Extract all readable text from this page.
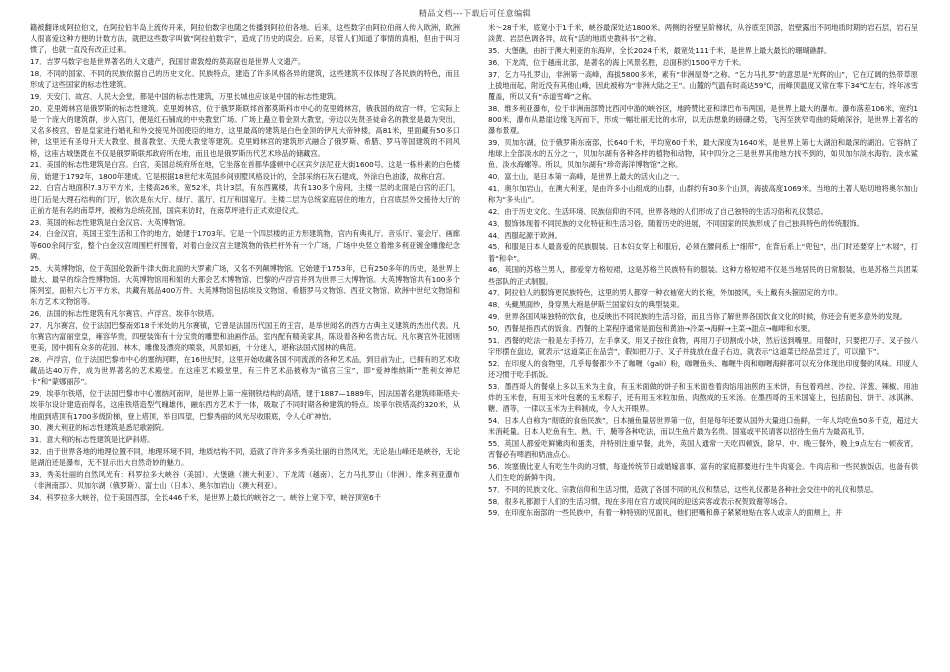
精品文档---下载后可任意编辑

籍被翻译成阿拉伯文，在阿拉伯半岛上流传开来，阿拉伯数字也随之传播到阿拉伯各地。后来，这些数字由阿拉伯商人传入欧洲，欧洲人很喜爱这种方便的计数方法，就把这些数字叫做“阿拉伯数字”，造成了历史的误会。后来，尽管人们知道了事情的真相，但由于叫习惯了，也就一直没有改正过来。

17．吉罗马数字也是世界著名的人文遗产，我国甘肃敦煌的莫高窟也是世界人文遗产。

18．不同的国家、不同的民族依据自己的历史文化、民族特点，建造了许多风格各异的建筑，这些建筑不仅体现了各民族的特色，而且形成了这些国家的标志性建筑。

19．天安门、故宫、人民大会堂，都是中国的标志性建筑，万里长城也应该是中国的标志性建筑。

20．克里姆林宫是俄罗斯的标志性建筑。克里姆林宫，位于俄罗斯联邦首都莫斯科市中心的克里姆林宫，俄我国的故宫一样，它实际上是一个庞大的建筑群，步入宫门，便是红石铺成的中央教堂广场。广场上矗立着金顶大教堂，旁边以先贤圣徒命名的教堂是最为突出，又名多棱宫，曾是皇家进行婚礼和外交接见外国使臣的地方，这里最高的建筑是白色金顶的伊凡大帝钟楼，高81米，里面藏有50多口钟，这里还有圣母升天大教堂、报喜教堂、天使大教堂等建筑。克里姆林宫的建筑形式融合了俄罗斯、希腊、罗马等国建筑的不同风格，这座古城堡既在不仅是俄罗斯联邦政府所在地，而且也是俄罗斯历代艺术珍品的储藏宫。

21．美国的标志性建筑是白宫。白宫，美国总统府所在地，它坐落在首都华盛顿中心区宾夕法尼亚大街1600号。这是一栋朴素的白色楼房，始建于1792年，1800年建成。它是根据18世纪末英国乡间别墅风格设计的，全部采纳石灰石建成，外涂白色油漆，故称白宫。

22．白宫占地面积7.3万平方米，主楼高26米，宽52米，共计3层，有东西翼楼，共有130多个房间，主楼一层的北面是白宫的正门，进门后是大理石结构的门厅，依次是东大厅、绿厅、蓝厅、红厅和国宴厅。主楼二层为总统家庭居住的地方，白宫底层外交接待大厅的正前方是有名的南草坪，被称为总统花园，国宾来访时，在南草坪进行正式欢迎仪式。

23．英国的标志性建筑是白金汉宫、大英博物馆。

24．白金汉宫，英国王室生活和工作的地方，始建于1703年。它是一个四层楼的正方形建筑物，宫内有典礼厅、音乐厅、宴会厅、画廊等600余间厅室，整个白金汉宫周围栏杆围着，对着白金汉宫主建筑物的铁栏杆外有一个广场，广场中央竖立着维多利亚镀金雕像纪念碑。

25．大英博物馆，位于英国伦敦新牛津大街北面的大罗素广场，又名不列颠博物馆。它始建于1753年，已有250多年的历史，是世界上最大、最早的综合性博物馆。大英博物馆用和姐的大都会艺术博物馆、巴黎的卢浮宫并列为世界三大博物馆。大英博物馆共有100多个陈列室，面积六七万平方米，共藏有展品400万件。大英博物馆包括埃及文物馆、希腊罗马文物馆、西亚文物馆、欧洲中世纪文物馆和东方艺术文物馆等。

26．法国的标志性建筑有凡尔赛宫、卢浮宫、埃菲尔铁塔。

27．凡尔赛宫，位于法国巴黎南郊18千米处的凡尔赛镇，它曾是法国历代国王的王宫，是举世闻名的西方古典主义建筑的杰出代表。凡尔赛宫内富丽堂皇，雍容华贵，四壁装饰有十分宝贵的雕塑和油画作品，室内配有精美家具，陈设着各种名贵古玩。凡尔赛宫外花园则更美，园中拥有众多的花园、林木、雕像及漂亮的喷泉，风景如画，十分迷人，堪称法国式园林的典范。

28．卢浮宫，位于法国巴黎市中心的塞纳河畔，在16世纪时，这里开始收藏各国不同流派的各种艺术品，到目前为止，已拥有的艺术收藏品达40万件，成为世界著名的艺术殿堂。在这座艺术殿堂里，有三件艺术品被称为“镇宫三宝”，即“爱神维纳斯”“胜利女神尼卡”和“蒙娜丽莎”。

29．埃菲尔铁塔，位于法国巴黎市中心塞纳河南岸，是世界上第一座钢铁结构的高塔，建于1887—1889年，因法国著名建筑师斯塔夫·埃菲尔设计建造而得名，这座铁塔造型气魄雄伟，融东西方艺术于一体，吸取了不同时期各种建筑的特点。埃菲尔铁塔高约320米，从地面到塔顶有1700多级阶梯，登上塔顶，举目四望，巴黎秀丽的风光尽收眼底，令人心旷神怡。

30．澳大利亚的标志性建筑是悉尼歌剧院。

31．意大利的标志性建筑是比萨斜塔。

32．由于世界各地的地理位置不同，地理环境不同，地质结构不同，造就了许许多多秀美壮丽的自然风光，无论是山峰还是峡谷，无论是湖泊还是瀑布，无不显示出大自然奇妙的魅力。

33．秀美壮丽的自然风光有：科罗拉多大峡谷（美国）、大堡礁（澳大利亚）、下龙湾（越南）、乞力马扎罗山（非洲）、维多利亚瀑布（非洲南部）、贝加尔湖（俄罗斯）、富士山（日本）、奥尔加岩山（澳大利亚）。

34．科罗拉多大峡谷，位于美国西部，全长446千米，是世界上最长的峡谷之一。峡谷上宽下窄，峡谷顶宽6千

米～28千米，底宽小于1千米，峡谷最深处达1800米。两侧的谷壁呈阶梯状，从谷底至顶部，岩壁露出不同地质时期的岩石层，岩石呈淡黄、岩层色调各异，故有“活的地质史教科书”之称。

35．大堡礁，由折于澳大利亚的东海岸，全长2024千米，最宽处111千米，是世界上最大最长的珊瑚礁群。

36．下龙湾，位于越南北部，是著名的海上风景名胜，总面积约1500平方千米。

37．乞力马扎罗山，非洲第一高峰，海拔5800多米，素有“非洲屋脊”之称。“乞力马扎罗”的意思是“光辉的山”，它在辽阔的热带草原上拔地而起，附近没有其他山峰，因此被称为“非洲大陆之王”。山麓的气温有时高达59℃，而峰顶温度又常在零下34℃左右，终年冰雪覆盖，所以又有“赤道雪峰”之称。

38．维多利亚瀑布，位于非洲南部赞比西河中游的峡谷区，地跨赞比亚和津巴布韦两国，是世界上最大的瀑布。瀑布落差106米，宽约1800米，瀑布从悬崖边缘飞泻而下，形成一幅壮丽无比的水帘，以无法想象的磅礴之势，飞泻至狭窄弯曲的陡峭深谷，是世界上著名的瀑布景观。

39．贝加尔湖，位于俄罗斯东南部，长640千米，平均宽60千米，最大深度为1640米，是世界上第七大湖泊和最深的湖泊。它容纳了地球上全部淡水的五分之一，贝加尔湖有各种各样的植物和动物，其中四分之三是世界其他地方找不到的，如贝加尔淡水海豹、淡水鲨鱼、淡水海螺等。所以，贝加尔湖有“珍奇海洋博物馆”之称。

40．富士山，是日本第一高峰，是世界上最大的活火山之一。

41．奥尔加岩山，在澳大利亚，是由许多小山组成的山群，山群约有30多个山顶，海拔高度1069米。当地的土著人贴切地将奥尔加山称为“多头山”。

42．由于历史文化、生活环境、民族信仰的不同，世界各地的人们形成了自己独特的生活习俗和礼仪禁忌。

43．服饰体现着不同民族的文化特征和生活习俗，随着历史的进展，不同国家的民族形成了自己独具特色的传统服饰。

44．西服起源于欧洲。

45．和服是日本人最喜爱的民族服装。日本妇女穿上和服后，必须在腰间系上“细带”，在背后系上“兜包”，出门时还要穿上“木屐”，打着“和伞”。

46．英国的苏格兰男人，都爱穿方格短裙，这是苏格兰民族特有的服装。这种方格短裙不仅是当地居民的日常服装，也是苏格兰兵团某些部队的正式制服。

47．阿拉伯人的服饰更民族特色，这里的男人都穿一种衣袖宽大的长袍，外加披风，头上戴有头箍固定的方巾。

48．头戴黑面纱，身穿黑大袍是伊斯兰国家妇女的典型装束。

49．世界各国风味独特的饮食，也反映出不同民族的生活习俗，而且当你了解世界各国饮食文化的时候，你还会有更多意外的发现。

50．西餐是指西式的饭食。西餐的上菜程序通常是面包和黄油→冷菜→海鲜→主菜→甜点→咖啡和水果。

51．西餐的吃法一般是左手持刀，左手拿叉，用叉子按住食物，再用刀子切割成小块，然后送到嘴里。用餐时，只要把刀子、叉子按八字形摆在盘边，就表示“这道菜正在品尝”，假如把刀子、叉子并拢放在盘子右边，就表示“这道菜已经品尝过了，可以撤下”。

52．在印度人的食物里，几乎每餐都少不了咖喱（gali）粉，咖喱鱼头、咖喱牛肉和咖喱海鲜都可以充分体现出印度餐的风味。印度人还习惯于吃手抓饭。

53．墨西哥人的餐桌上多以玉米为主食，有玉米面做的饼子和玉米面卷着肉馅用油煎的玉米饼，有包着鸡丝、沙拉、洋葱、辣椒、用油炸的玉米卷，有用玉米叶包裹的玉米粽子，还有用玉米粒加鱼、肉熬成的玉米汤。在墨西哥的玉米国宴上，包括面包、饼干、冰淇淋、糖、酒等，一律以玉米为主料制成，令人大开眼界。

54．日本人自称为“彻底的食鱼民族”，日本捕鱼量居世界第一位，但是每年还要从国外大量进口鱼鲜，一年人均吃鱼50多千克，超过大米消耗量。日本人吃鱼有生、熟、干、腌等各种吃法，而以生鱼片最为名贵。国宴或平民请客以招待生鱼片为最高礼节。

55．英国人都爱吃鲜嫩肉和蛋类，并特别注重早餐，此外，英国人通常一天吃四顿饭，除早、中、晚三餐外，晚上9点左右一顿夜宵，宵餐必有啤酒和奶油点心。

56．埃塞俄比亚人有吃生牛肉的习惯，每逢传统节日或婚嫁喜事，富有的家庭都要进行生牛肉宴会。牛肉店和一些民族饭店，也备有供人们生吃的新鲜牛肉。

57．不同的民族文化、宗教信仰和生活习惯，造就了各国不同的礼仪和禁忌，这些礼仪都是各种社会交往中的礼仪和禁忌。

58．很多礼都源于人们的生活习惯，现在多用在官方或民间的迎送宾客或表示祝贺致谢等场合。

59．在印度东南部的一些民族中，有着一种特别的见面礼，他们把嘴和鼻子紧紧地贴在客人或亲人的面颊上，并
